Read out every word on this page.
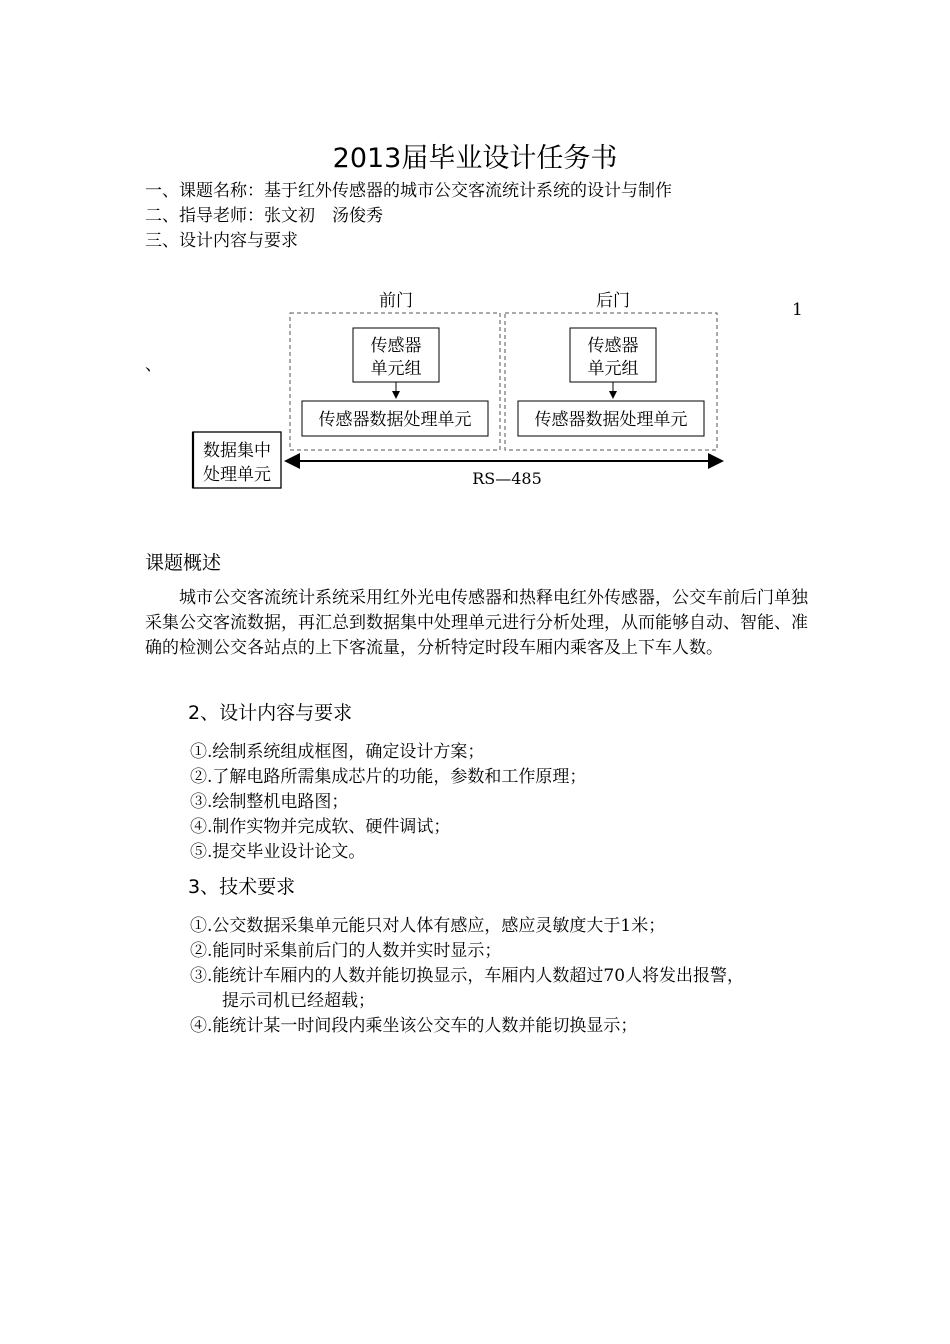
2013届毕业设计任务书
一、课题名称：基于红外传感器的城市公交客流统计系统的设计与制作
二、指导老师：张文初　汤俊秀
三、设计内容与要求
1
、
前门	后门
传感器
单元组
传感器数据处理单元
传感器
单元组
传感器数据处理单元
数据集中
处理单元	RS—485
课题概述
城市公交客流统计系统采用红外光电传感器和热释电红外传感器，公交车前后门单独采集公交客流数据，再汇总到数据集中处理单元进行分析处理，从而能够自动、智能、准确的检测公交各站点的上下客流量，分析特定时段车厢内乘客及上下车人数。
2、设计内容与要求
①.绘制系统组成框图，确定设计方案；
②.了解电路所需集成芯片的功能，参数和工作原理；
③.绘制整机电路图；
④.制作实物并完成软、硬件调试；
⑤.提交毕业设计论文。
3、技术要求
①.公交数据采集单元能只对人体有感应，感应灵敏度大于1米；
②.能同时采集前后门的人数并实时显示；
③.能统计车厢内的人数并能切换显示，车厢内人数超过70人将发出报警，
提示司机已经超载；
④.能统计某一时间段内乘坐该公交车的人数并能切换显示；
